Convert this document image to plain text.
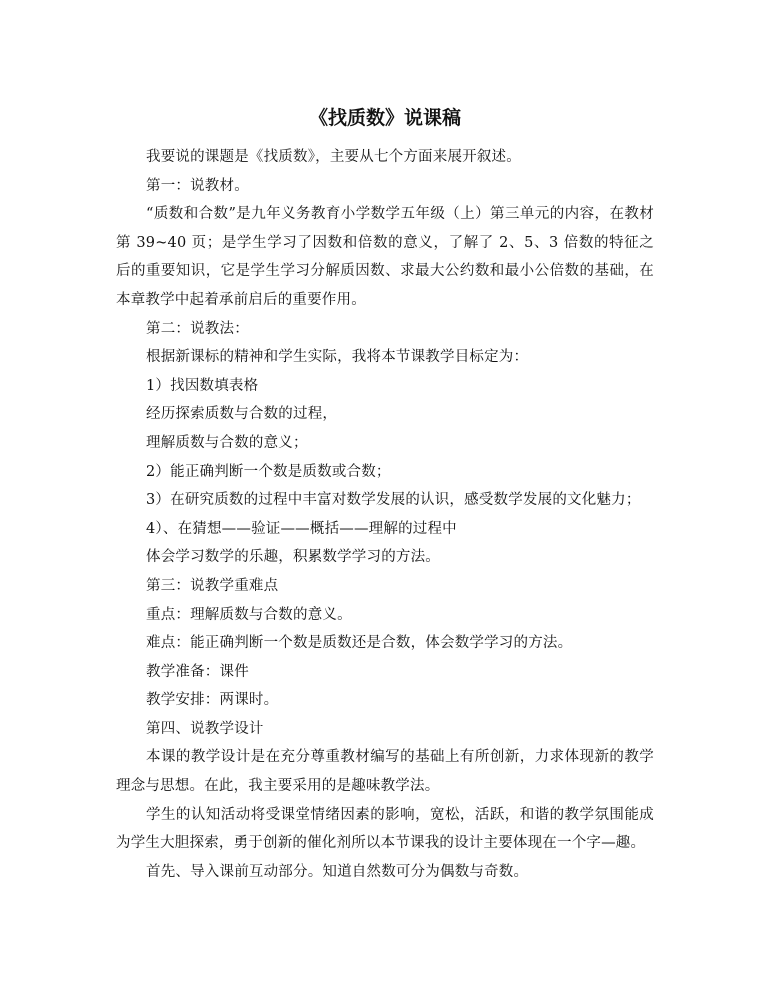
《找质数》说课稿

我要说的课题是《找质数》，主要从七个方面来展开叙述。

第一：说教材。

“质数和合数”是九年义务教育小学数学五年级（上）第三单元的内容，在教材第 39~40 页；是学生学习了因数和倍数的意义，了解了 2、5、3 倍数的特征之后的重要知识，它是学生学习分解质因数、求最大公约数和最小公倍数的基础，在本章教学中起着承前启后的重要作用。

第二：说教法：

根据新课标的精神和学生实际，我将本节课教学目标定为：

1）找因数填表格

经历探索质数与合数的过程，

理解质数与合数的意义；

2）能正确判断一个数是质数或合数；

3）在研究质数的过程中丰富对数学发展的认识，感受数学发展的文化魅力；

4）、在猜想——验证——概括——理解的过程中

体会学习数学的乐趣，积累数学学习的方法。

第三：说教学重难点

重点：理解质数与合数的意义。

难点：能正确判断一个数是质数还是合数，体会数学学习的方法。

教学准备：课件

教学安排：两课时。

第四、说教学设计

本课的教学设计是在充分尊重教材编写的基础上有所创新，力求体现新的教学理念与思想。在此，我主要采用的是趣味教学法。

学生的认知活动将受课堂情绪因素的影响，宽松，活跃，和谐的教学氛围能成为学生大胆探索，勇于创新的催化剂所以本节课我的设计主要体现在一个字—趣。

首先、导入课前互动部分。知道自然数可分为偶数与奇数。
